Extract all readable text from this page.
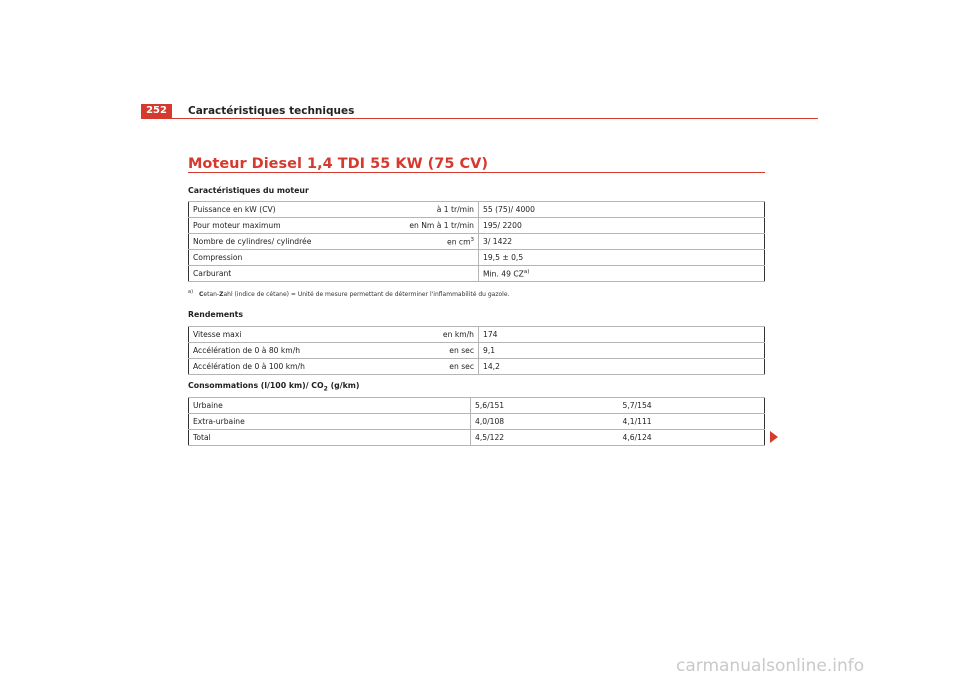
252	Caractéristiques techniques
Moteur Diesel 1,4 TDI 55 KW (75 CV)
Caractéristiques du moteur
Puissance en kW (CV)	à 1 tr/min	55 (75)/ 4000
Pour moteur maximum	en Nm à 1 tr/min	195/ 2200
Nombre de cylindres/ cylindrée	en $cm^3$	3/ 1422
Compression		19,5 ± 0,5
Carburant		Min. 49 CZ$^{a)}$
$^{a)}$ Cetan-Zahl (indice de cétane) = Unité de mesure permettant de déterminer l'inflammabilité du gazole.
Rendements
Vitesse maxi	en km/h	174
Accélération de 0 à 80 km/h	en sec	9,1
Accélération de 0 à 100 km/h	en sec	14,2
Consommations (l/100 km)/ $CO_2$ (g/km)
Urbaine	5,6/151	5,7/154
Extra-urbaine	4,0/108	4,1/111
Total	4,5/122	4,6/124
carmanualsonline.info
